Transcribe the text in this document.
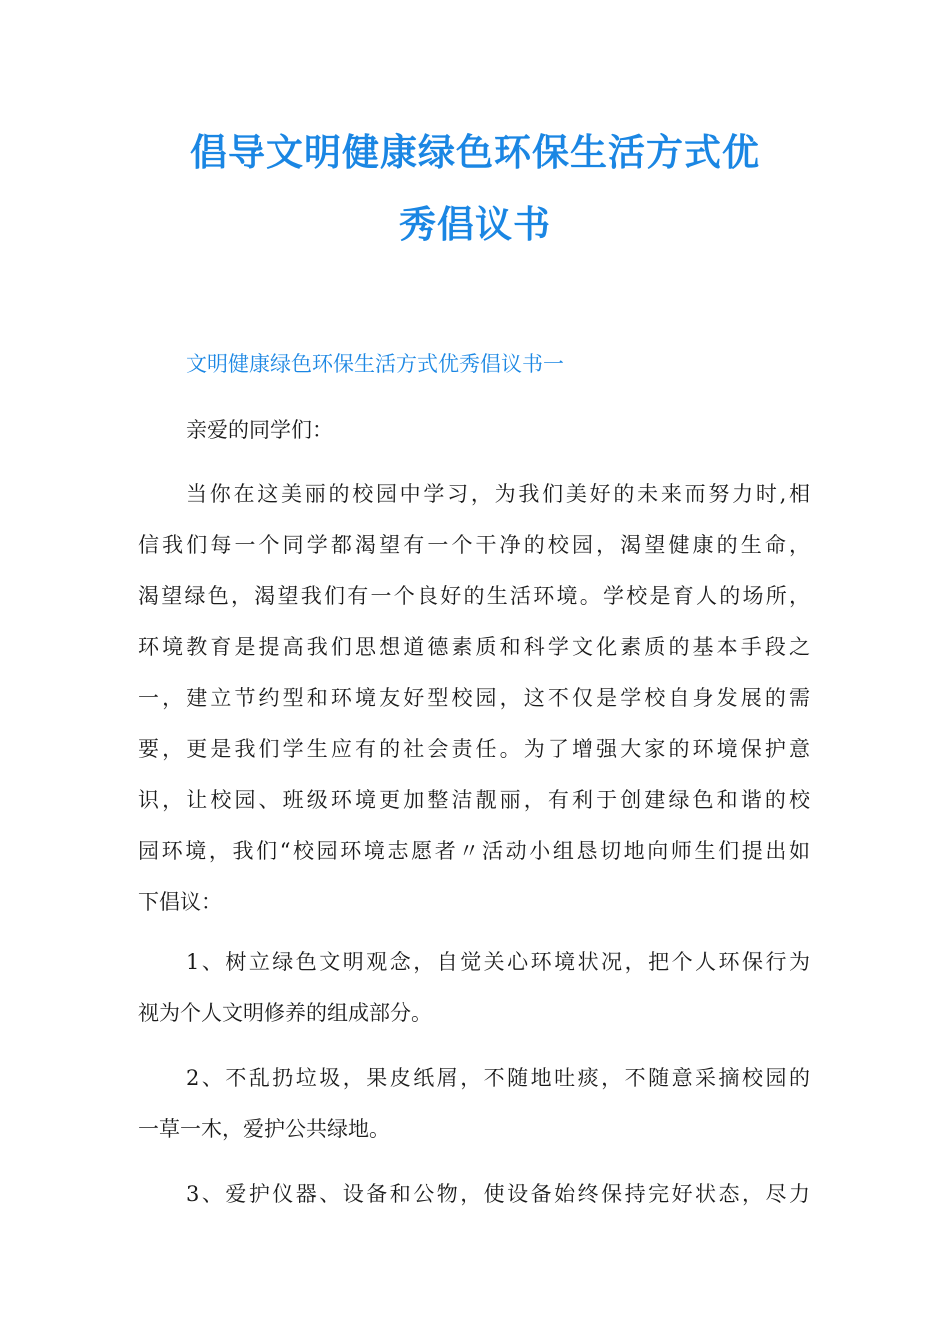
倡导文明健康绿色环保生活方式优
秀倡议书

文明健康绿色环保生活方式优秀倡议书一

亲爱的同学们：

当你在这美丽的校园中学习，为我们美好的未来而努力时,相
信我们每一个同学都渴望有一个干净的校园，渴望健康的生命，
渴望绿色，渴望我们有一个良好的生活环境。学校是育人的场所，
环境教育是提高我们思想道德素质和科学文化素质的基本手段之
一，建立节约型和环境友好型校园，这不仅是学校自身发展的需
要，更是我们学生应有的社会责任。为了增强大家的环境保护意
识，让校园、班级环境更加整洁靓丽，有利于创建绿色和谐的校
园环境，我们“校园环境志愿者〃活动小组恳切地向师生们提出如
下倡议：
1、树立绿色文明观念，自觉关心环境状况，把个人环保行为
视为个人文明修养的组成部分。
2、不乱扔垃圾，果皮纸屑，不随地吐痰，不随意采摘校园的
一草一木，爱护公共绿地。
3、爱护仪器、设备和公物，使设备始终保持完好状态，尽力
